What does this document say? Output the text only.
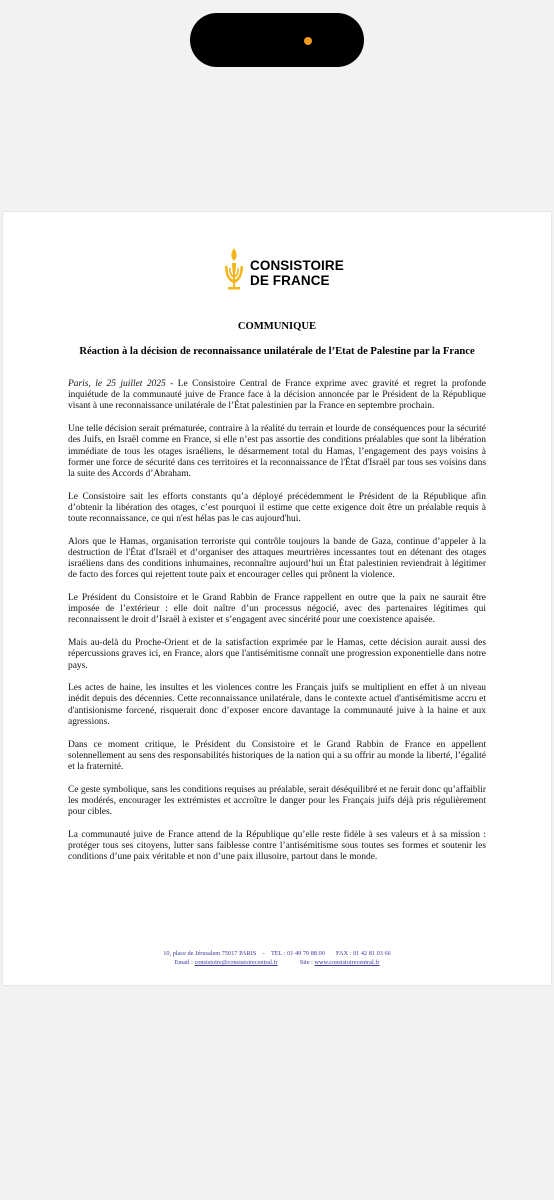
CONSISTOIRE
DE FRANCE
COMMUNIQUE
Réaction à la décision de reconnaissance unilatérale de l’Etat de Palestine par la France

Paris, le 25 juillet 2025 - Le Consistoire Central de France exprime avec gravité et regret la profonde inquiétude de la communauté juive de France face à la décision annoncée par le Président de la République visant à une reconnaissance unilatérale de l’État palestinien par la France en septembre prochain.

Une telle décision serait prématurée, contraire à la réalité du terrain et lourde de conséquences pour la sécurité des Juifs, en Israël comme en France, si elle n’est pas assortie des conditions préalables que sont la libération immédiate de tous les otages israéliens, le désarmement total du Hamas, l’engagement des pays voisins à former une force de sécurité dans ces territoires et la reconnaissance de l'État d'Israël par tous ses voisins dans la suite des Accords d’Abraham.

Le Consistoire sait les efforts constants qu’a déployé précédemment le Président de la République afin d’obtenir la libération des otages, c’est pourquoi il estime que cette exigence doit être un préalable requis à toute reconnaissance, ce qui n'est hélas pas le cas aujourd'hui.

Alors que le Hamas, organisation terroriste qui contrôle toujours la bande de Gaza, continue d’appeler à la destruction de l'État d'Israël et d’organiser des attaques meurtrières incessantes tout en détenant des otages israéliens dans des conditions inhumaines, reconnaître aujourd’hui un État palestinien reviendrait à légitimer de facto des forces qui rejettent toute paix et encourager celles qui prônent la violence.

Le Président du Consistoire et le Grand Rabbin de France rappellent en outre que la paix ne saurait être imposée de l’extérieur : elle doit naître d’un processus négocié, avec des partenaires légitimes qui reconnaissent le droit d’Israël à exister et s’engagent avec sincérité pour une coexistence apaisée.

Mais au-delà du Proche-Orient et de la satisfaction exprimée par le Hamas, cette décision aurait aussi des répercussions graves ici, en France, alors que l'antisémitisme connaît une progression exponentielle dans notre pays.

Les actes de haine, les insultes et les violences contre les Français juifs se multiplient en effet à un niveau inédit depuis des décennies. Cette reconnaissance unilatérale, dans le contexte actuel d'antisémitisme accru et d'antisionisme forcené, risquerait donc d’exposer encore davantage la communauté juive à la haine et aux agressions.

Dans ce moment critique, le Président du Consistoire et le Grand Rabbin de France en appellent solennellement au sens des responsabilités historiques de la nation qui a su offrir au monde la liberté, l’égalité et la fraternité.

Ce geste symbolique, sans les conditions requises au préalable, serait déséquilibré et ne ferait donc qu’affaiblir les modérés, encourager les extrémistes et accroître le danger pour les Français juifs déjà pris régulièrement pour cibles.

La communauté juive de France attend de la République qu’elle reste fidèle à ses valeurs et à sa mission : protéger tous ses citoyens, lutter sans faiblesse contre l’antisémitisme sous toutes ses formes et soutenir les conditions d’une paix véritable et non d’une paix illusoire, partout dans le monde.

10, place de Jérusalem 75017 PARIS - TEL : 01 49 70 88 00 FAX : 01 42 81 03 66
Email : consistoire@consistoirecentral.fr	Site : www.consistoirecentral.fr
